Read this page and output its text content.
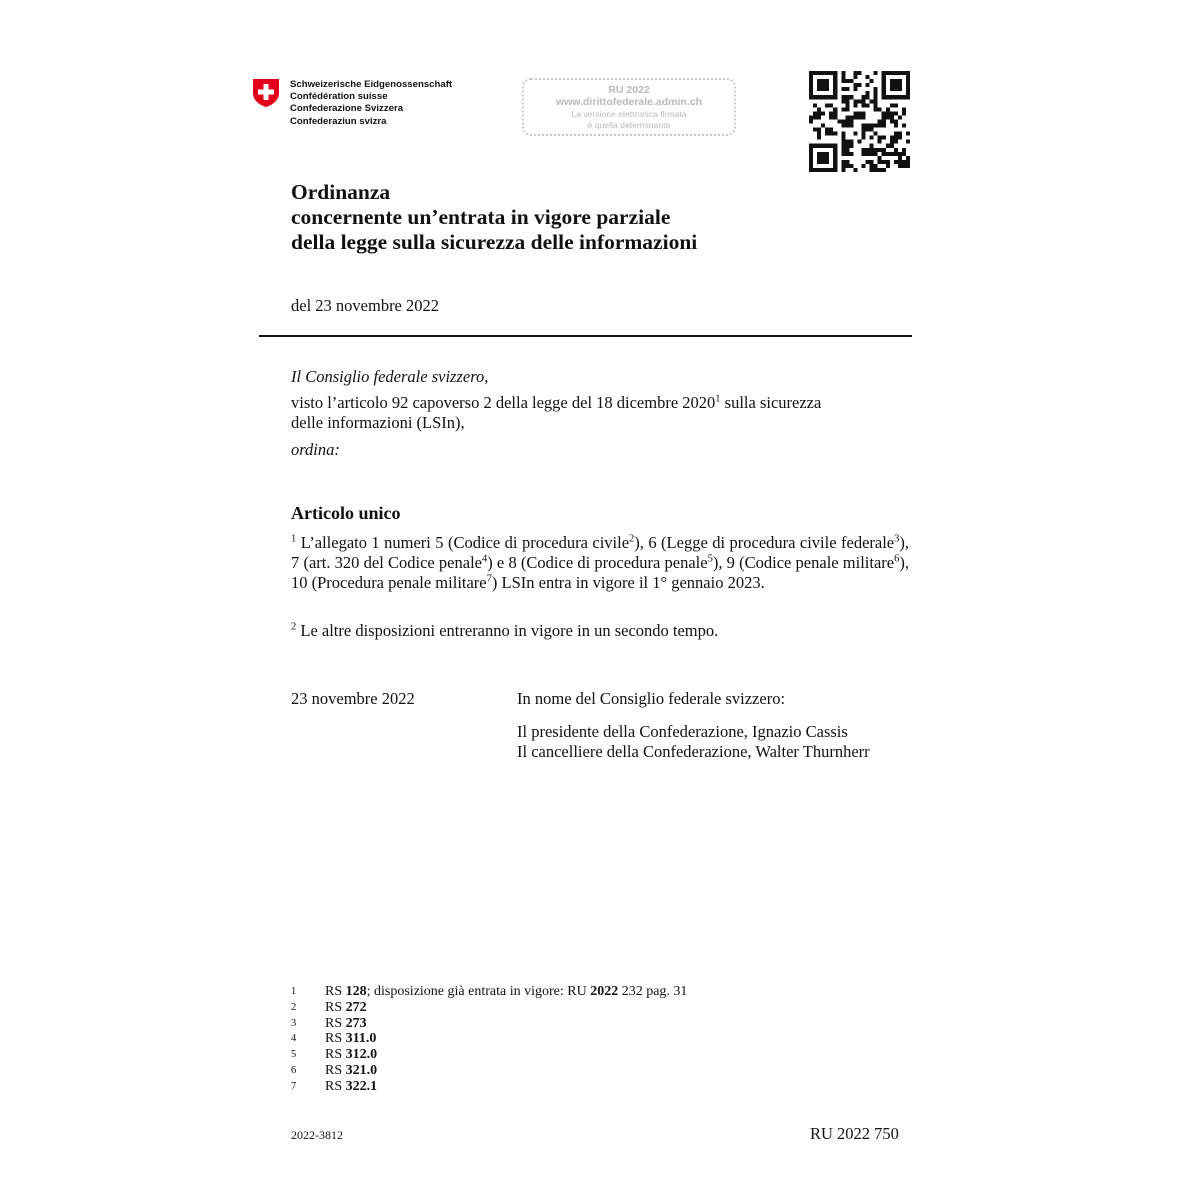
Schweizerische Eidgenossenschaft
Confédération suisse
Confederazione Svizzera
Confederaziun svizra
RU 2022
www.dirittofederale.admin.ch
La versione elettronica firmata
è quella determinante
Ordinanza
concernente un’entrata in vigore parziale
della legge sulla sicurezza delle informazioni
del 23 novembre 2022
Il Consiglio federale svizzero,
visto l’articolo 92 capoverso 2 della legge del 18 dicembre 2020$^1$ sulla sicurezza
delle informazioni (LSIn),
ordina:
Articolo unico
$^1$ L’allegato 1 numeri 5 (Codice di procedura civile$^2$), 6 (Legge di procedura civile federale$^3$), 7 (art. 320 del Codice penale$^4$) e 8 (Codice di procedura penale$^5$), 9 (Codice penale militare$^6$), 10 (Procedura penale militare$^7$) LSIn entra in vigore il 1° gennaio 2023.
$^2$ Le altre disposizioni entreranno in vigore in un secondo tempo.
23 novembre 2022	In nome del Consiglio federale svizzero:
Il presidente della Confederazione, Ignazio Cassis
Il cancelliere della Confederazione, Walter Thurnherr
1 RS 128; disposizione già entrata in vigore: RU 2022 232 pag. 31
2 RS 272
3 RS 273
4 RS 311.0
5 RS 312.0
6 RS 321.0
7 RS 322.1
2022-3812	RU 2022 750
